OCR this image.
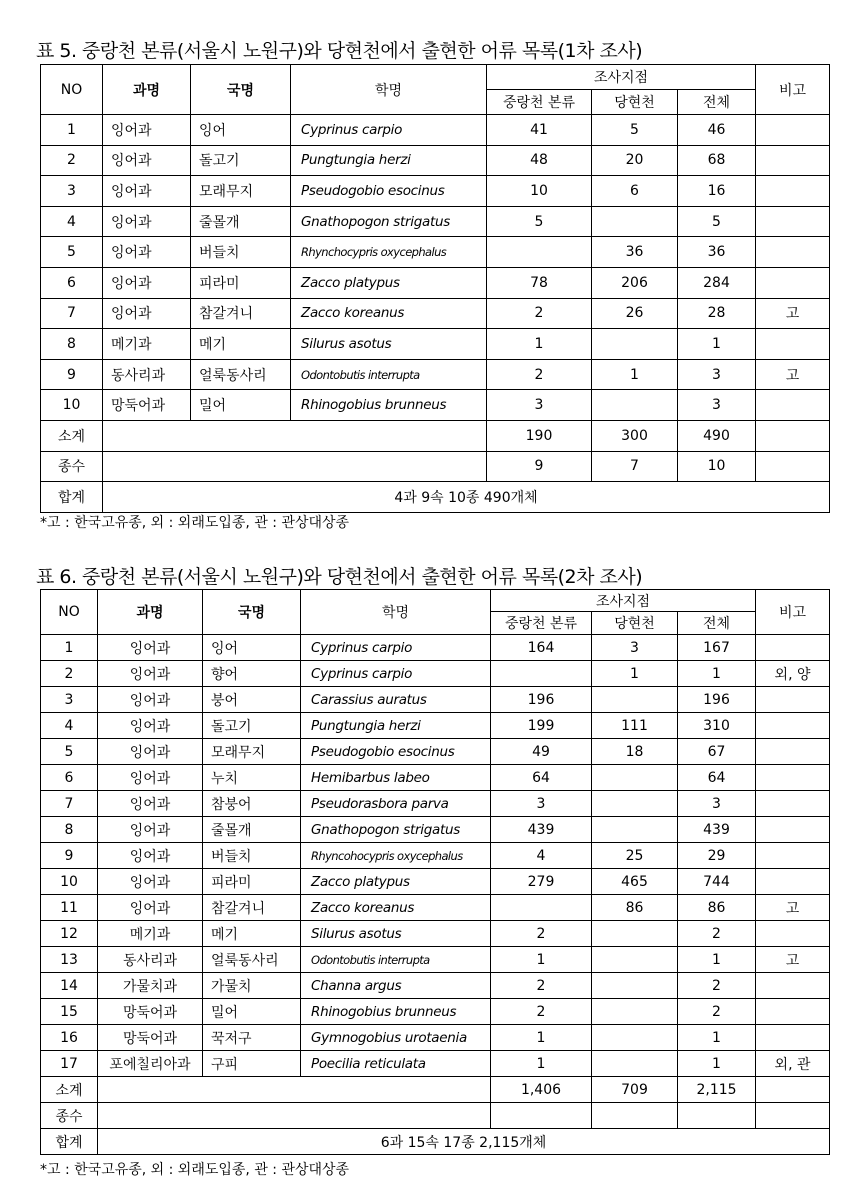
표 5. 중랑천 본류(서울시 노원구)와 당현천에서 출현한 어류 목록(1차 조사)
NO	과명	국명	학명	조사지점			비고
				중랑천 본류	당현천	전체	
1	잉어과	잉어	Cyprinus carpio	41	5	46	
2	잉어과	돌고기	Pungtungia herzi	48	20	68	
3	잉어과	모래무지	Pseudogobio esocinus	10	6	16	
4	잉어과	줄몰개	Gnathopogon strigatus	5		5	
5	잉어과	버들치	Rhynchocypris oxycephalus		36	36	
6	잉어과	피라미	Zacco platypus	78	206	284	
7	잉어과	참갈겨니	Zacco koreanus	2	26	28	고
8	메기과	메기	Silurus asotus	1		1	
9	동사리과	얼룩동사리	Odontobutis interrupta	2	1	3	고
10	망둑어과	밀어	Rhinogobius brunneus	3		3	
소계				190	300	490	
종수				9	7	10	
합계	4과 9속 10종 490개체						
*고 : 한국고유종, 외 : 외래도입종, 관 : 관상대상종
표 6. 중랑천 본류(서울시 노원구)와 당현천에서 출현한 어류 목록(2차 조사)
NO	과명	국명	학명	조사지점			비고
				중랑천 본류	당현천	전체	
1	잉어과	잉어	Cyprinus carpio	164	3	167	
2	잉어과	향어	Cyprinus carpio		1	1	외, 양
3	잉어과	붕어	Carassius auratus	196		196	
4	잉어과	돌고기	Pungtungia herzi	199	111	310	
5	잉어과	모래무지	Pseudogobio esocinus	49	18	67	
6	잉어과	누치	Hemibarbus labeo	64		64	
7	잉어과	참붕어	Pseudorasbora parva	3		3	
8	잉어과	줄몰개	Gnathopogon strigatus	439		439	
9	잉어과	버들치	Rhyncohocypris oxycephalus	4	25	29	
10	잉어과	피라미	Zacco platypus	279	465	744	
11	잉어과	참갈겨니	Zacco koreanus		86	86	고
12	메기과	메기	Silurus asotus	2		2	
13	동사리과	얼룩동사리	Odontobutis interrupta	1		1	고
14	가물치과	가물치	Channa argus	2		2	
15	망둑어과	밀어	Rhinogobius brunneus	2		2	
16	망둑어과	꾹저구	Gymnogobius urotaenia	1		1	
17	포에칠리아과	구피	Poecilia reticulata	1		1	외, 관
소계				1,406	709	2,115	
종수							
합계	6과 15속 17종 2,115개체						
*고 : 한국고유종, 외 : 외래도입종, 관 : 관상대상종
